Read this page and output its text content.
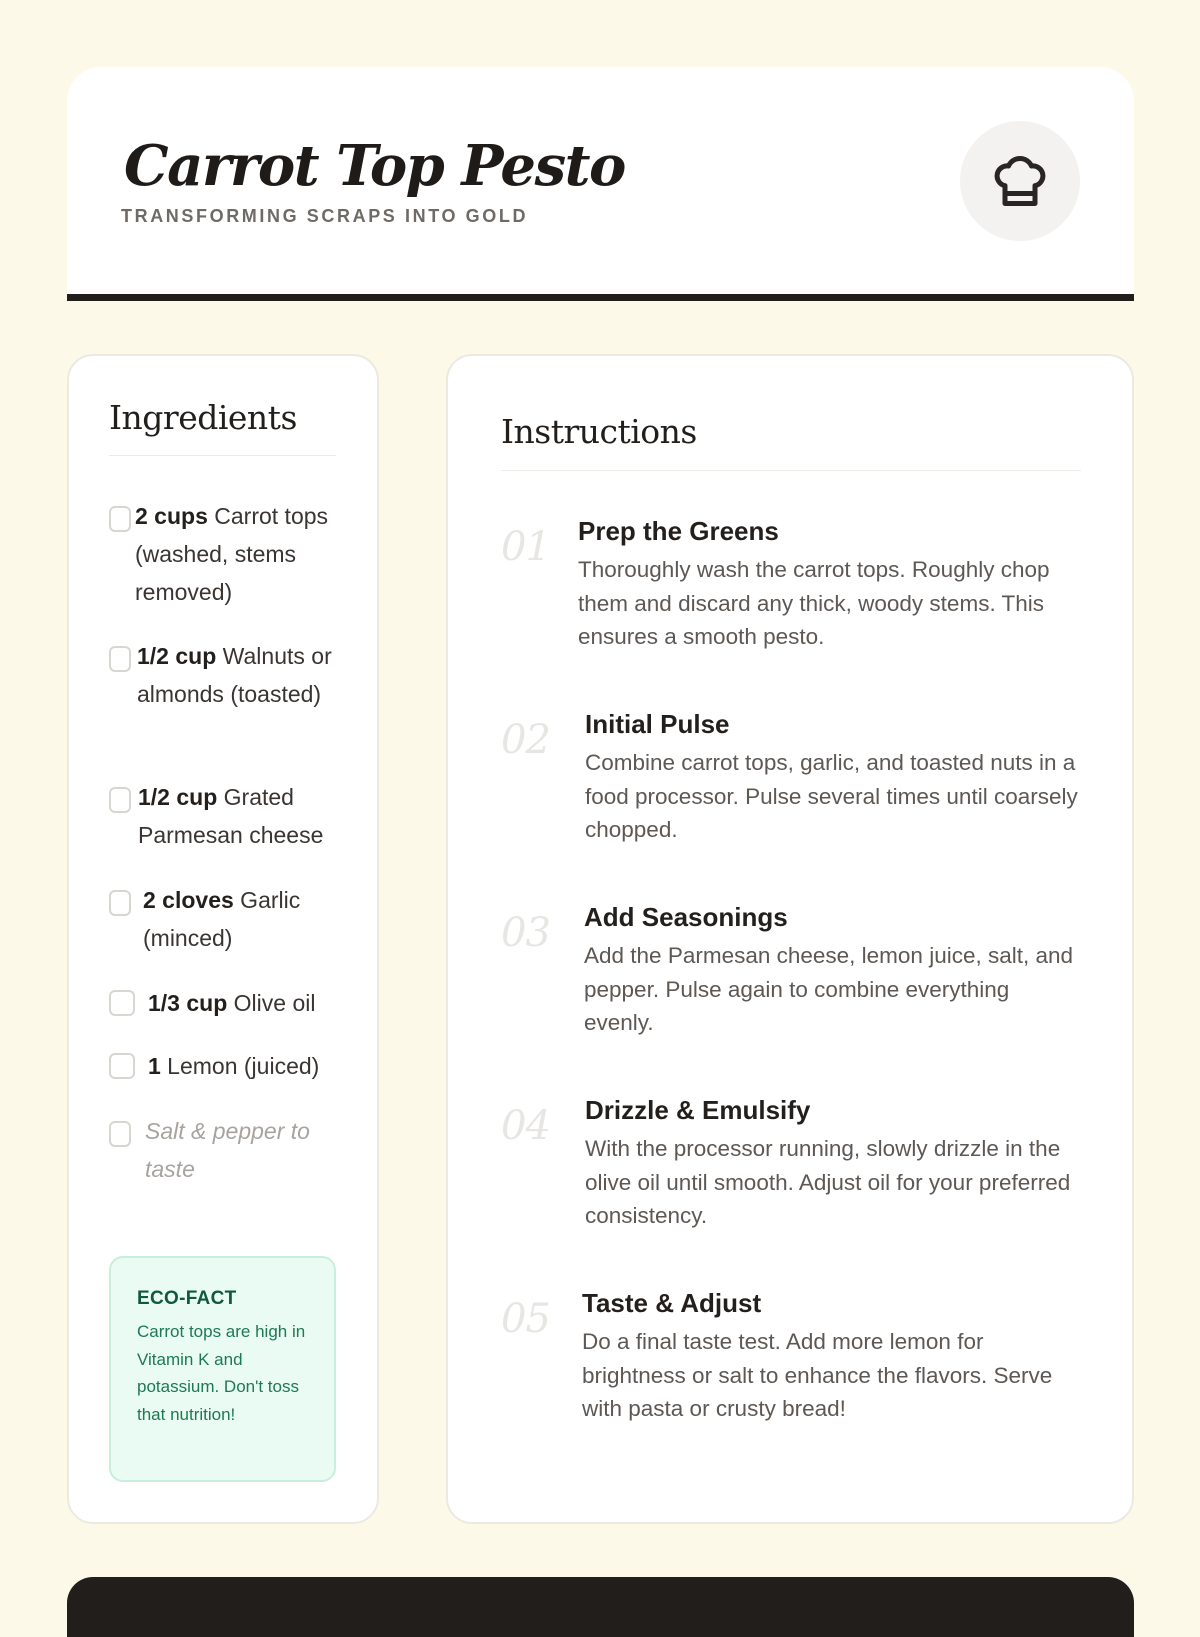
Carrot Top Pesto
TRANSFORMING SCRAPS INTO GOLD
Ingredients
2 cups Carrot tops (washed, stems removed)
1/2 cup Walnuts or almonds (toasted)
1/2 cup Grated Parmesan cheese
2 cloves Garlic (minced)
1/3 cup Olive oil
1 Lemon (juiced)
Salt & pepper to taste
ECO-FACT
Carrot tops are high in Vitamin K and potassium. Don't toss that nutrition!
Instructions
01 Prep the Greens
Thoroughly wash the carrot tops. Roughly chop them and discard any thick, woody stems. This ensures a smooth pesto.
02 Initial Pulse
Combine carrot tops, garlic, and toasted nuts in a food processor. Pulse several times until coarsely chopped.
03 Add Seasonings
Add the Parmesan cheese, lemon juice, salt, and pepper. Pulse again to combine everything evenly.
04 Drizzle & Emulsify
With the processor running, slowly drizzle in the olive oil until smooth. Adjust oil for your preferred consistency.
05 Taste & Adjust
Do a final taste test. Add more lemon for brightness or salt to enhance the flavors. Serve with pasta or crusty bread!
